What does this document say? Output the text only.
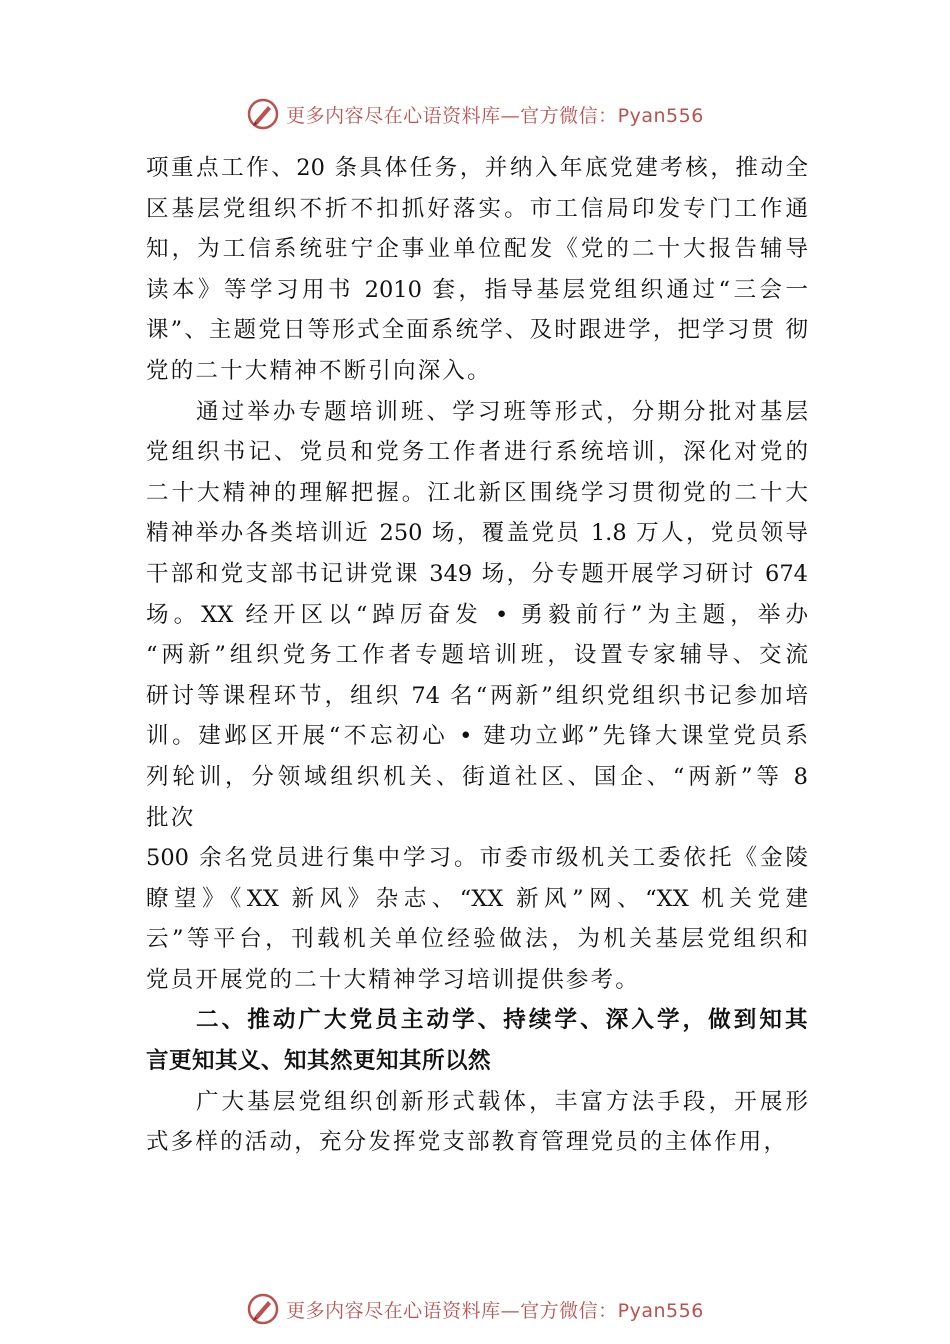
更多内容尽在心语资料库—官方微信：Pyan556
项重点工作、20 条具体任务，并纳入年底党建考核，推动全
区基层党组织不折不扣抓好落实。市工信局印发专门工作通
知，为工信系统驻宁企事业单位配发《党的二十大报告辅导
读本》等学习用书 2010 套，指导基层党组织通过“三会一
课”、主题党日等形式全面系统学、及时跟进学，把学习贯 彻
党的二十大精神不断引向深入。
通过举办专题培训班、学习班等形式，分期分批对基层
党组织书记、党员和党务工作者进行系统培训，深化对党的
二十大精神的理解把握。江北新区围绕学习贯彻党的二十大
精神举办各类培训近 250 场，覆盖党员 1.8 万人，党员领导
干部和党支部书记讲党课 349 场，分专题开展学习研讨 674
场。XX 经开区以“踔厉奋发 • 勇毅前行”为主题，举办
“两新”组织党务工作者专题培训班，设置专家辅导、交流
研讨等课程环节，组织 74 名“两新”组织党组织书记参加培
训。建邺区开展“不忘初心 • 建功立邺”先锋大课堂党员系
列轮训，分领域组织机关、街道社区、国企、“两新”等 8
批次
500 余名党员进行集中学习。市委市级机关工委依托《金陵
瞭望》《XX 新风》杂志、“XX 新风”网、“XX 机关党建
云”等平台，刊载机关单位经验做法，为机关基层党组织和
党员开展党的二十大精神学习培训提供参考。
二、推动广大党员主动学、持续学、深入学，做到知其
言更知其义、知其然更知其所以然
广大基层党组织创新形式载体，丰富方法手段，开展形
式多样的活动，充分发挥党支部教育管理党员的主体作用，
更多内容尽在心语资料库—官方微信：Pyan556
